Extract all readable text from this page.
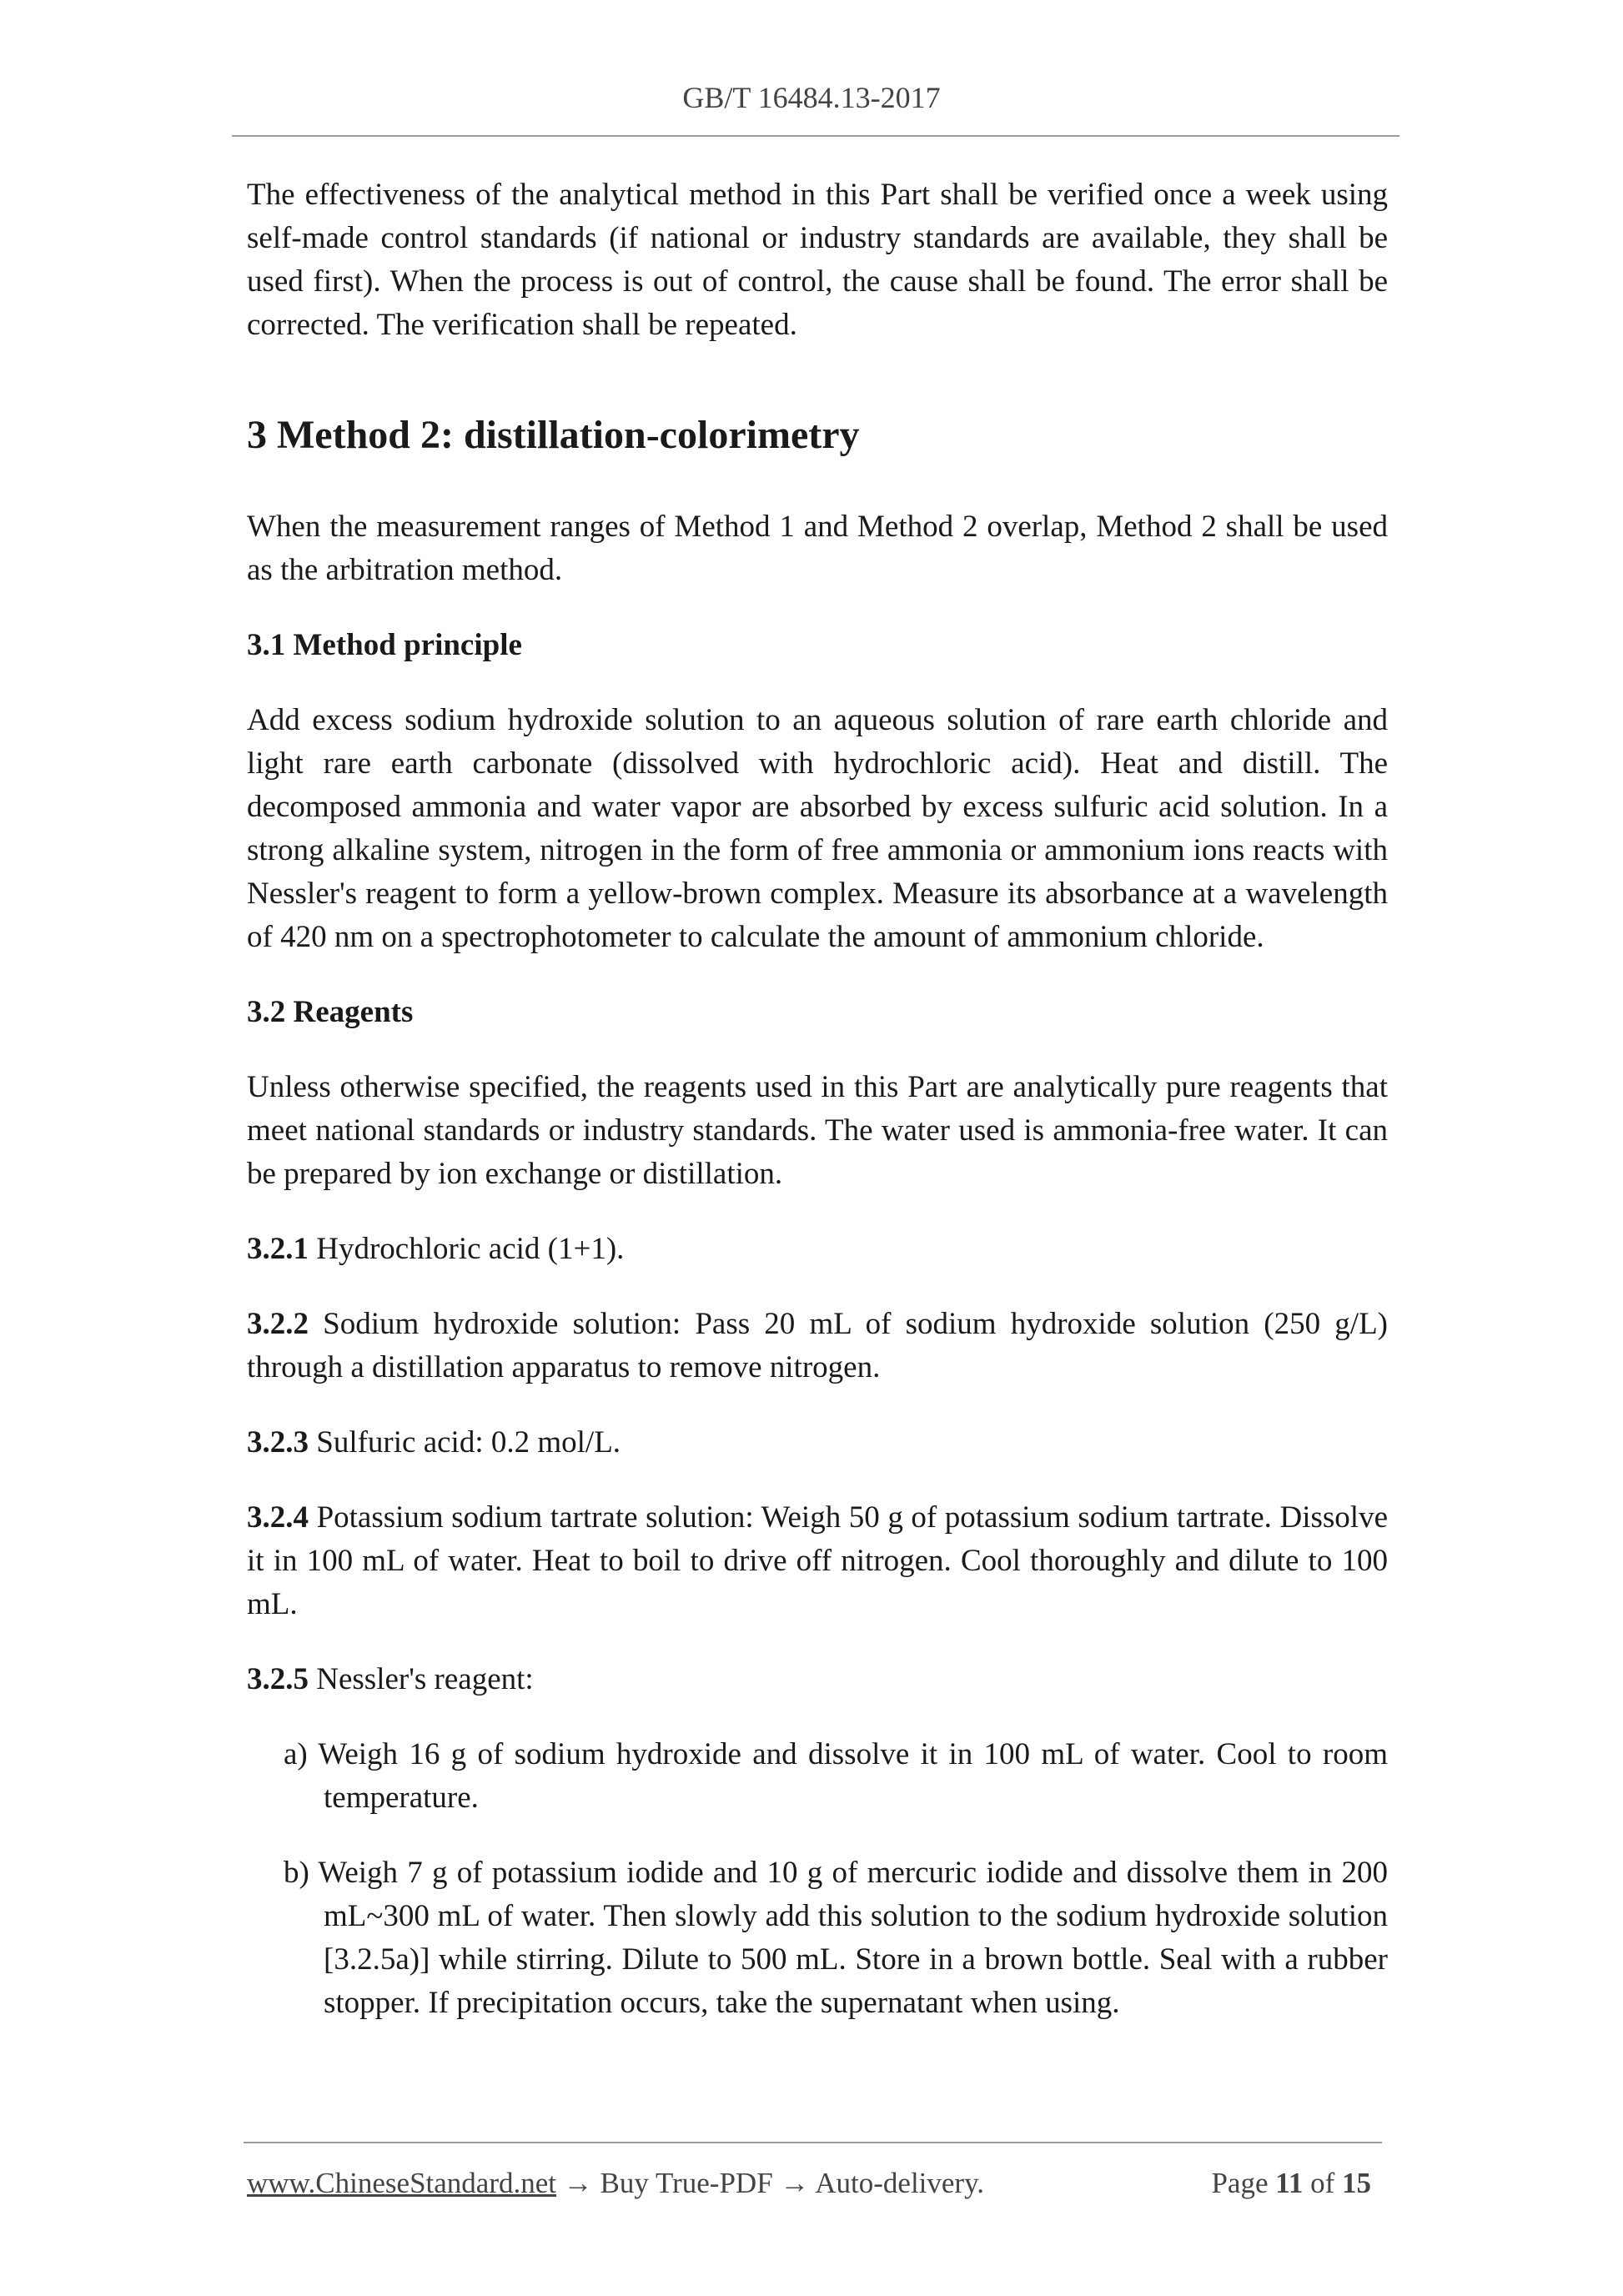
GB/T 16484.13-2017

The effectiveness of the analytical method in this Part shall be verified once a week using self-made control standards (if national or industry standards are available, they shall be used first). When the process is out of control, the cause shall be found. The error shall be corrected. The verification shall be repeated.

3 Method 2: distillation-colorimetry

When the measurement ranges of Method 1 and Method 2 overlap, Method 2 shall be used as the arbitration method.

3.1 Method principle

Add excess sodium hydroxide solution to an aqueous solution of rare earth chloride and light rare earth carbonate (dissolved with hydrochloric acid). Heat and distill. The decomposed ammonia and water vapor are absorbed by excess sulfuric acid solution. In a strong alkaline system, nitrogen in the form of free ammonia or ammonium ions reacts with Nessler's reagent to form a yellow-brown complex. Measure its absorbance at a wavelength of 420 nm on a spectrophotometer to calculate the amount of ammonium chloride.

3.2 Reagents

Unless otherwise specified, the reagents used in this Part are analytically pure reagents that meet national standards or industry standards. The water used is ammonia-free water. It can be prepared by ion exchange or distillation.

3.2.1 Hydrochloric acid (1+1).

3.2.2 Sodium hydroxide solution: Pass 20 mL of sodium hydroxide solution (250 g/L) through a distillation apparatus to remove nitrogen.

3.2.3 Sulfuric acid: 0.2 mol/L.

3.2.4 Potassium sodium tartrate solution: Weigh 50 g of potassium sodium tartrate. Dissolve it in 100 mL of water. Heat to boil to drive off nitrogen. Cool thoroughly and dilute to 100 mL.

3.2.5 Nessler's reagent:

a) Weigh 16 g of sodium hydroxide and dissolve it in 100 mL of water. Cool to room temperature.

b) Weigh 7 g of potassium iodide and 10 g of mercuric iodide and dissolve them in 200 mL~300 mL of water. Then slowly add this solution to the sodium hydroxide solution [3.2.5a)] while stirring. Dilute to 500 mL. Store in a brown bottle. Seal with a rubber stopper. If precipitation occurs, take the supernatant when using.

www.ChineseStandard.net → Buy True-PDF → Auto-delivery.	Page 11 of 15
